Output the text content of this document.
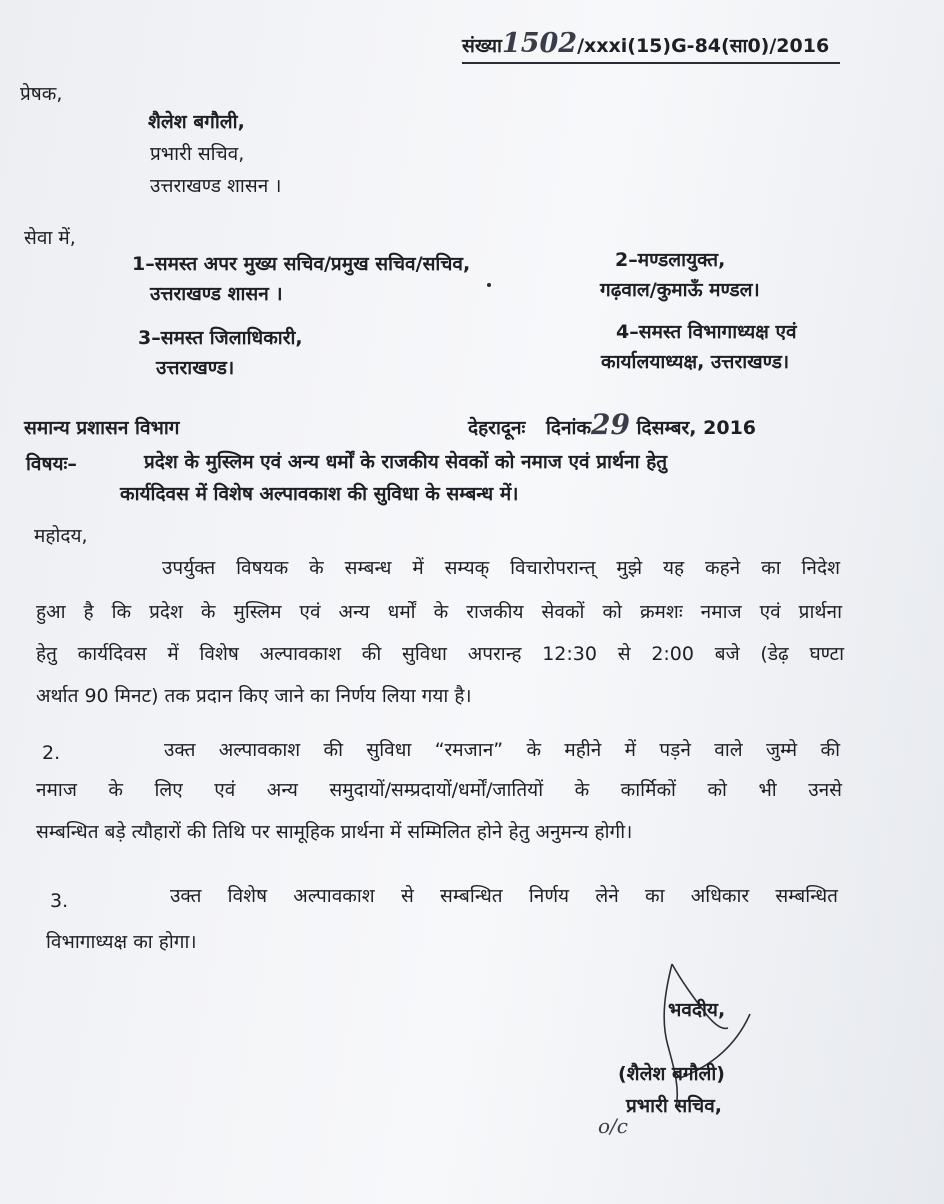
संख्या1502/xxxi(15)G-84(सा0)/2016
प्रेषक,
शैलेश बगौली,
प्रभारी सचिव,
उत्तराखण्ड शासन ।
सेवा में,
1–समस्त अपर मुख्य सचिव/प्रमुख सचिव/सचिव,
उत्तराखण्ड शासन ।
2–मण्डलायुक्त,
गढ़वाल/कुमाऊँ मण्डल।
3–समस्त जिलाधिकारी,
उत्तराखण्ड।
4–समस्त विभागाध्यक्ष एवं
कार्यालयाध्यक्ष, उत्तराखण्ड।
समान्य प्रशासन विभाग	देहरादूनः दिनांक29 दिसम्बर, 2016
विषयः–	प्रदेश के मुस्लिम एवं अन्य धर्मों के राजकीय सेवकों को नमाज एवं प्रार्थना हेतु
कार्यदिवस में विशेष अल्पावकाश की सुविधा के सम्बन्ध में।
महोदय,
उपर्युक्त विषयक के सम्बन्ध में सम्यक् विचारोपरान्त् मुझे यह कहने का निदेश
हुआ है कि प्रदेश के मुस्लिम एवं अन्य धर्मों के राजकीय सेवकों को क्रमशः नमाज एवं प्रार्थना
हेतु कार्यदिवस में विशेष अल्पावकाश की सुविधा अपरान्ह 12:30 से 2:00 बजे (डेढ़ घण्टा
अर्थात 90 मिनट) तक प्रदान किए जाने का निर्णय लिया गया है।
2.	उक्त अल्पावकाश की सुविधा “रमजान” के महीने में पड़ने वाले जुम्मे की
नमाज के लिए एवं अन्य समुदायों/सम्प्रदायों/धर्मों/जातियों के कार्मिकों को भी उनसे
सम्बन्धित बड़े त्यौहारों की तिथि पर सामूहिक प्रार्थना में सम्मिलित होने हेतु अनुमन्य होगी।
3.	उक्त विशेष अल्पावकाश से सम्बन्धित निर्णय लेने का अधिकार सम्बन्धित
विभागाध्यक्ष का होगा।
भवदीय,
(शैलेश बगौली)
प्रभारी सचिव,
o/c
